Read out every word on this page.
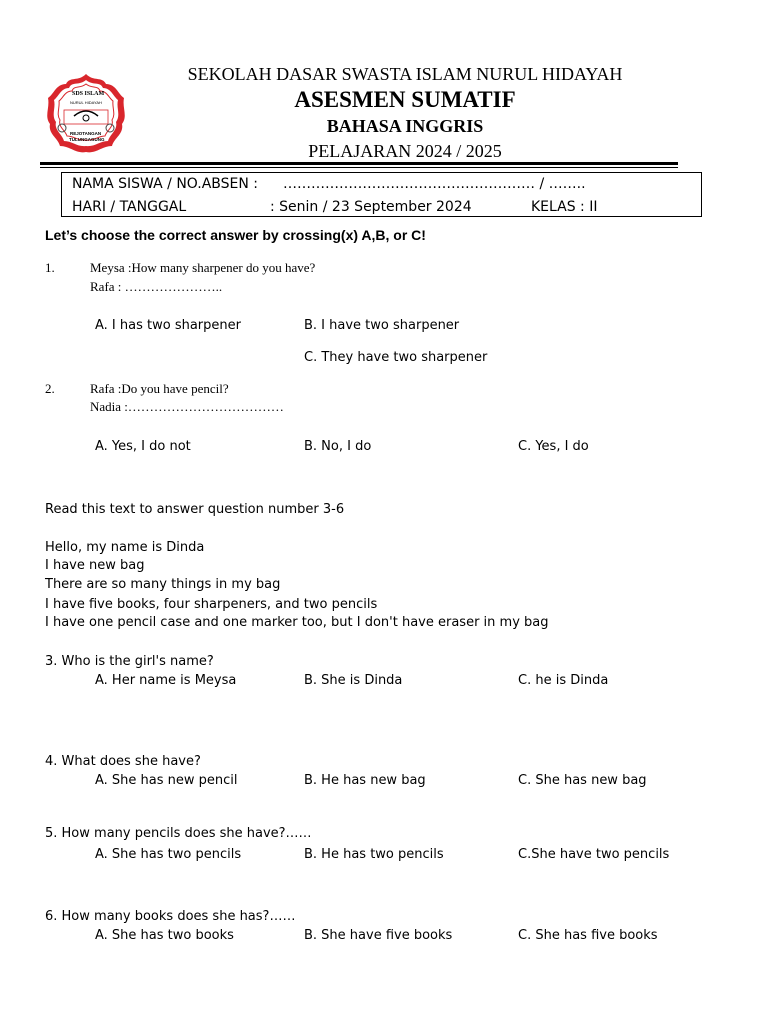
SDS ISLAM
NURUL HIDAYAH
REJOTANGAN
TULUNGAGUNG
SEKOLAH DASAR SWASTA ISLAM NURUL HIDAYAH
ASESMEN SUMATIF
BAHASA INGGRIS
PELAJARAN 2024 / 2025
NAMA SISWA / NO.ABSEN : ……………………………………………… / ……..
HARI / TANGGAL	: Senin / 23 September 2024	KELAS : II
Let’s choose the correct answer by crossing(x) A,B, or C!
1.	Meysa :How many sharpener do you have?
Rafa : …………………..
A. I has two sharpener	B. I have two sharpener
C. They have two sharpener
2.	Rafa :Do you have pencil?
Nadia :………………………………
A. Yes, I do not	B. No, I do	C. Yes, I do
Read this text to answer question number 3-6
Hello, my name is Dinda
I have new bag
There are so many things in my bag
I have five books, four sharpeners, and two pencils
I have one pencil case and one marker too, but I don't have eraser in my bag
3. Who is the girl's name?
A. Her name is Meysa	B. She is Dinda	C. he is Dinda
4. What does she have?
A. She has new pencil	B. He has new bag	C. She has new bag
5. How many pencils does she have?……
A. She has two pencils	B. He has two pencils	C.She have two pencils
6. How many books does she has?……
A. She has two books	B. She have five books	C. She has five books
